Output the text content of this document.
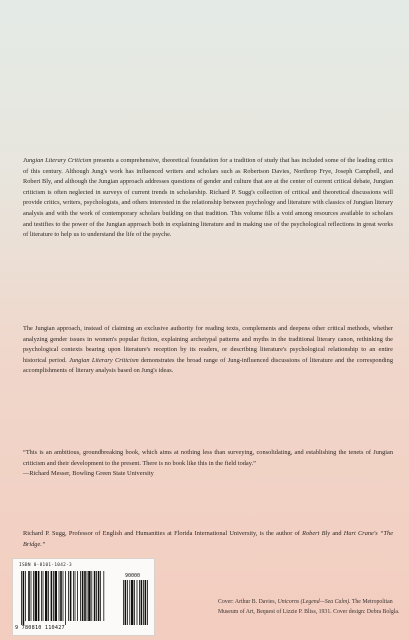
Jungian Literary Criticism presents a comprehensive, theoretical foundation for a tradition of study that has included some of the leading critics of this century. Although Jung's work has influenced writers and scholars such as Robertson Davies, Northrop Frye, Joseph Campbell, and Robert Bly, and although the Jungian approach addresses questions of gender and culture that are at the center of current critical debate, Jungian criticism is often neglected in surveys of current trends in scholarship. Richard P. Sugg's collection of critical and theoretical discussions will provide critics, writers, psychologists, and others interested in the relationship between psychology and literature with classics of Jungian literary analysis and with the work of contemporary scholars building on that tradition. This volume fills a void among resources available to scholars and testifies to the power of the Jungian approach both in explaining literature and in making use of the psychological reflections in great works of literature to help us to understand the life of the psyche.

The Jungian approach, instead of claiming an exclusive authority for reading texts, complements and deepens other critical methods, whether analyzing gender issues in women's popular fiction, explaining archetypal patterns and myths in the traditional literary canon, rethinking the psychological contexts bearing upon literature's reception by its readers, or describing literature's psychological relationship to an entire historical period. Jungian Literary Criticism demonstrates the broad range of Jung-influenced discussions of literature and the corresponding accomplishments of literary analysis based on Jung's ideas.

“This is an ambitious, groundbreaking book, which aims at nothing less than surveying, consolidating, and establishing the tenets of Jungian criticism and their development to the present. There is no book like this in the field today.”

—Richard Messer, Bowling Green State University

Richard P. Sugg, Professor of English and Humanities at Florida International University, is the author of Robert Bly and Hart Crane's “The Bridge.”

Cover: Arthur B. Davies, Unicorns (Legend—Sea Calm). The Metropolitan Museum of Art, Bequest of Lizzie P. Bliss, 1931. Cover design: Debra Bolgla.
ISBN 0-8101-1042-3
90000
9 780810 110427
